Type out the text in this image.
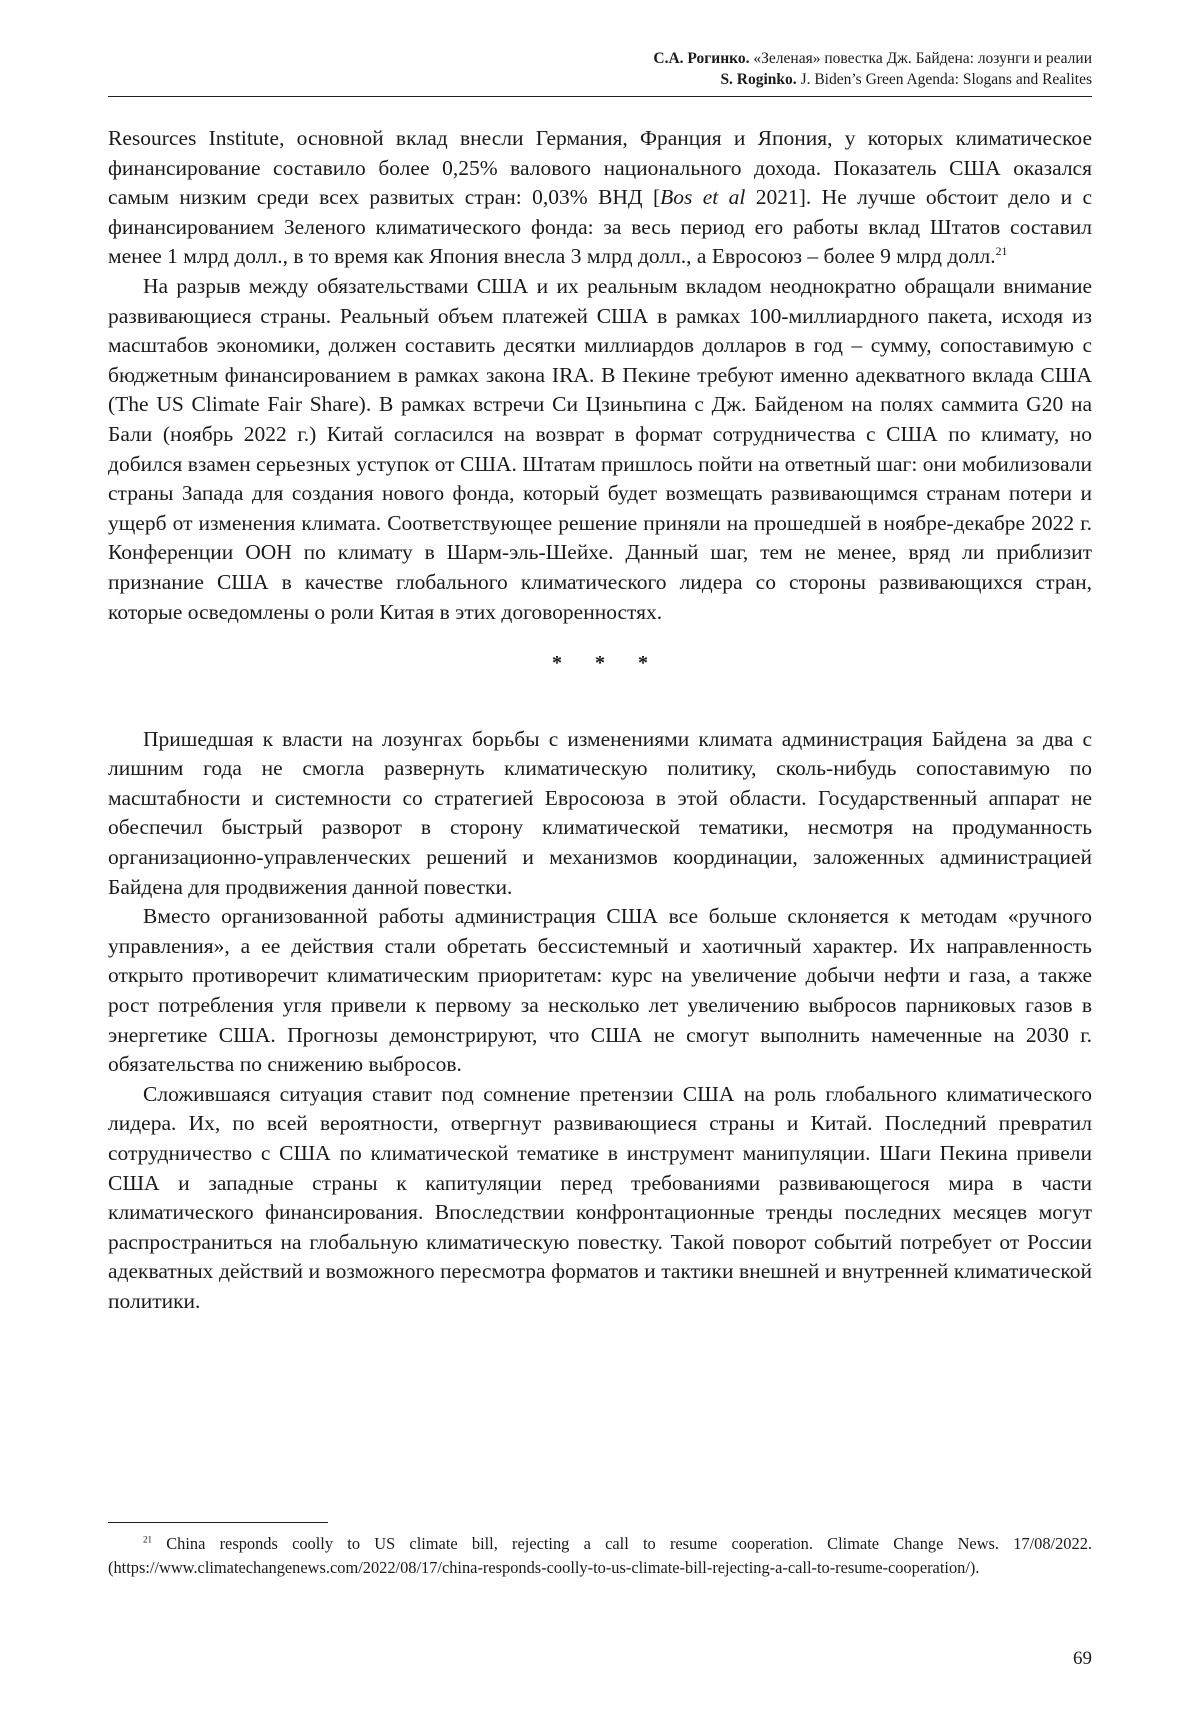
С.А. Рогинко. «Зеленая» повестка Дж. Байдена: лозунги и реалии
S. Roginko. J. Biden’s Green Agenda: Slogans and Realites

Resources Institute, основной вклад внесли Германия, Франция и Япония, у которых климатическое финансирование составило более 0,25% валового национального дохода. Показатель США оказался самым низким среди всех развитых стран: 0,03% ВНД [Bos et al 2021]. Не лучше обстоит дело и с финансированием Зеленого климатического фонда: за весь период его работы вклад Штатов составил менее 1 млрд долл., в то время как Япония внесла 3 млрд долл., а Евросоюз – более 9 млрд долл.$^{21}$

На разрыв между обязательствами США и их реальным вкладом неоднократно обращали внимание развивающиеся страны. Реальный объем платежей США в рамках 100-миллиардного пакета, исходя из масштабов экономики, должен составить десятки миллиардов долларов в год – сумму, сопоставимую с бюджетным финансированием в рамках закона IRA. В Пекине требуют именно адекватного вклада США (The US Climate Fair Share). В рамках встречи Си Цзиньпина с Дж. Байденом на полях саммита G20 на Бали (ноябрь 2022 г.) Китай согласился на возврат в формат сотрудничества с США по климату, но добился взамен серьезных уступок от США. Штатам пришлось пойти на ответный шаг: они мобилизовали страны Запада для создания нового фонда, который будет возмещать развивающимся странам потери и ущерб от изменения климата. Соответствующее решение приняли на прошедшей в ноябре-декабре 2022 г. Конференции ООН по климату в Шарм-эль-Шейхе. Данный шаг, тем не менее, вряд ли приблизит признание США в качестве глобального климатического лидера со стороны развивающихся стран, которые осведомлены о роли Китая в этих договоренностях.

* * *

Пришедшая к власти на лозунгах борьбы с изменениями климата администрация Байдена за два с лишним года не смогла развернуть климатическую политику, сколь-нибудь сопоставимую по масштабности и системности со стратегией Евросоюза в этой области. Государственный аппарат не обеспечил быстрый разворот в сторону климатической тематики, несмотря на продуманность организационно-управленческих решений и механизмов координации, заложенных администрацией Байдена для продвижения данной повестки.

Вместо организованной работы администрация США все больше склоняется к методам «ручного управления», а ее действия стали обретать бессистемный и хаотичный характер. Их направленность открыто противоречит климатическим приоритетам: курс на увеличение добычи нефти и газа, а также рост потребления угля привели к первому за несколько лет увеличению выбросов парниковых газов в энергетике США. Прогнозы демонстрируют, что США не смогут выполнить намеченные на 2030 г. обязательства по снижению выбросов.

Сложившаяся ситуация ставит под сомнение претензии США на роль глобального климатического лидера. Их, по всей вероятности, отвергнут развивающиеся страны и Китай. Последний превратил сотрудничество с США по климатической тематике в инструмент манипуляции. Шаги Пекина привели США и западные страны к капитуляции перед требованиями развивающегося мира в части климатического финансирования. Впоследствии конфронтационные тренды последних месяцев могут распространиться на глобальную климатическую повестку. Такой поворот событий потребует от России адекватных действий и возможного пересмотра форматов и тактики внешней и внутренней климатической политики.

$^{21}$ China responds coolly to US climate bill, rejecting a call to resume cooperation. Climate Change News. 17/08/2022. (https://www.climatechangenews.com/2022/08/17/china-responds-coolly-to-us-climate-bill-rejecting-a-call-to-resume-cooperation/).
69
